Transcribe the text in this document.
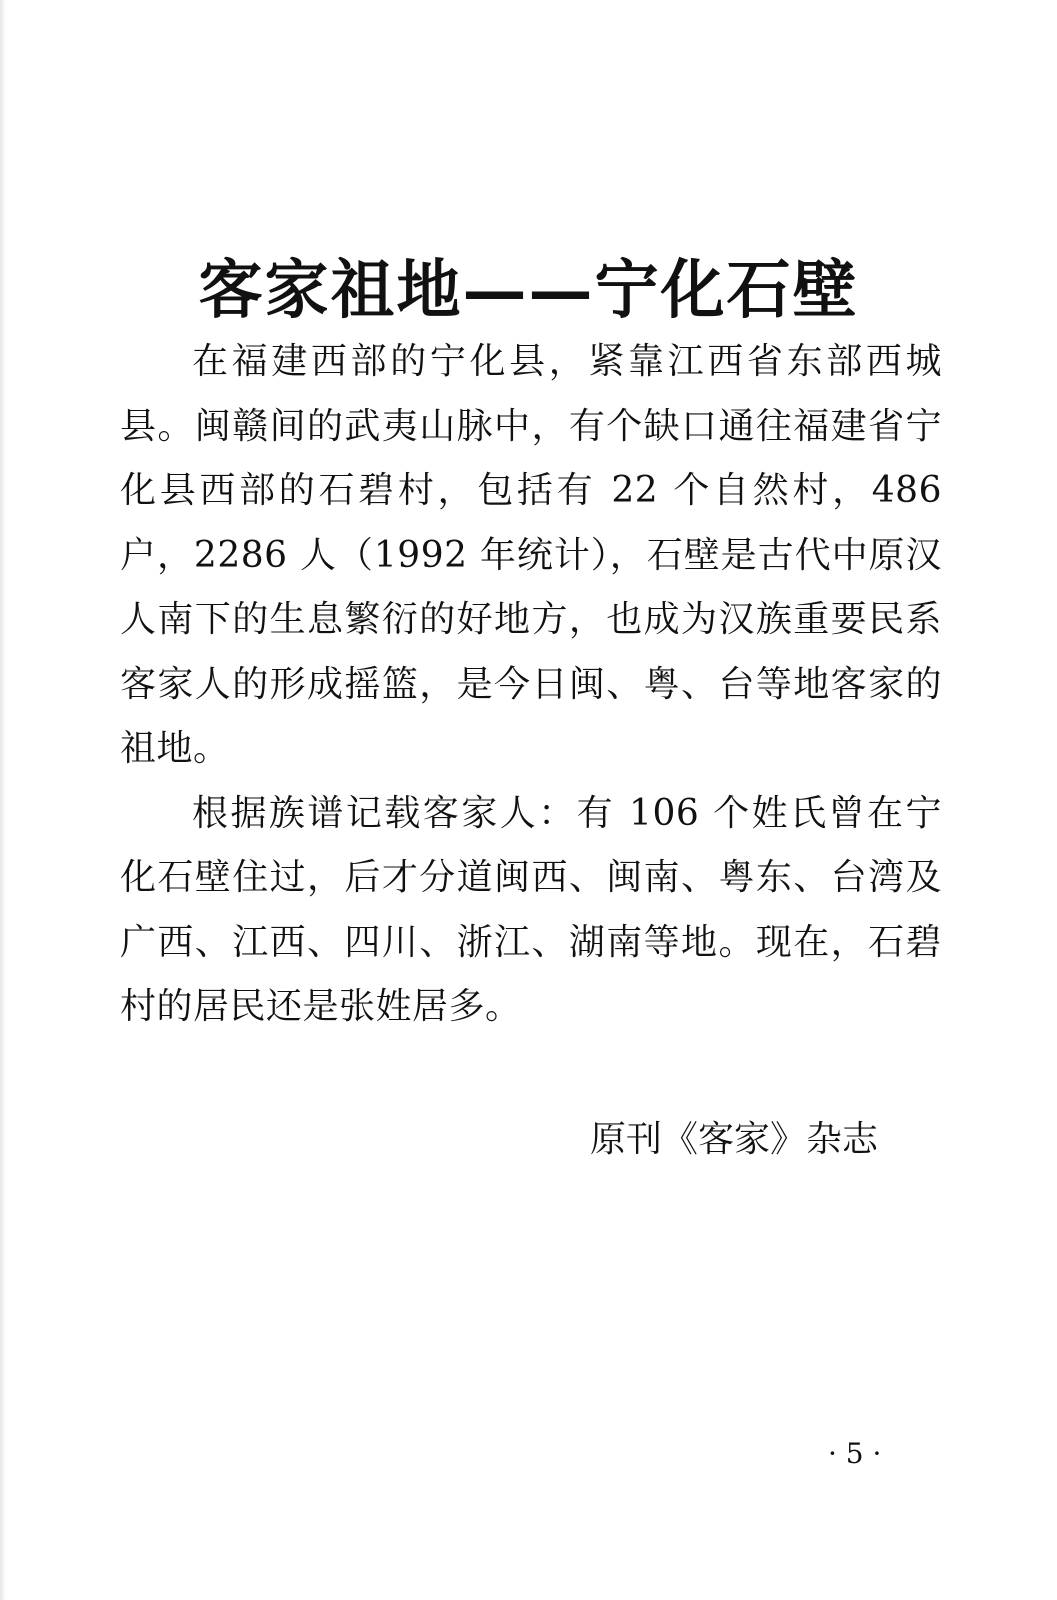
客家祖地——宁化石壁

在福建西部的宁化县，紧靠江西省东部西城县。闽赣间的武夷山脉中，有个缺口通往福建省宁化县西部的石碧村，包括有 22 个自然村，486 户，2286 人（1992 年统计），石壁是古代中原汉人南下的生息繁衍的好地方，也成为汉族重要民系客家人的形成摇篮，是今日闽、粤、台等地客家的祖地。

根据族谱记载客家人：有 106 个姓氏曾在宁化石壁住过，后才分道闽西、闽南、粤东、台湾及广西、江西、四川、浙江、湖南等地。现在，石碧村的居民还是张姓居多。

原刊《客家》杂志
· 5 ·
